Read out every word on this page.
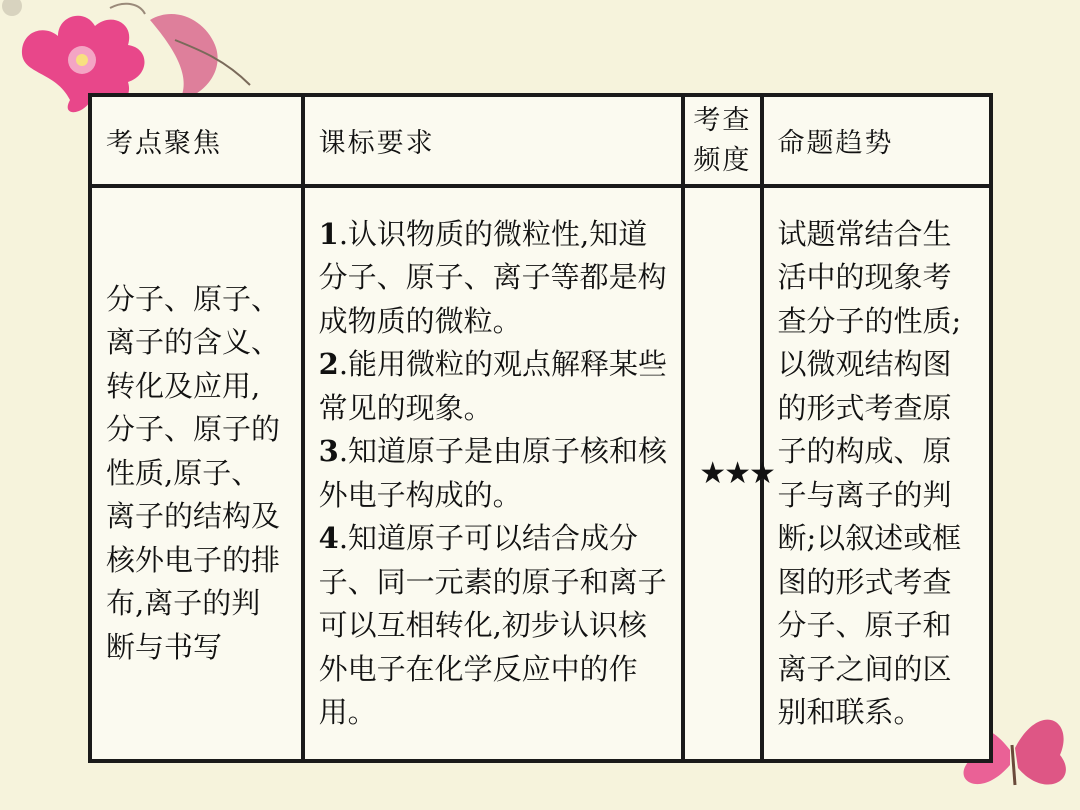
考点聚焦	课标要求	考查频度	命题趋势
分子、原子、离子的含义、转化及应用,分子、原子的性质,原子、离子的结构及核外电子的排布,离子的判断与书写	1.认识物质的微粒性,知道分子、原子、离子等都是构成物质的微粒。
2.能用微粒的观点解释某些常见的现象。
3.知道原子是由原子核和核外电子构成的。
4.知道原子可以结合成分子、同一元素的原子和离子可以互相转化,初步认识核外电子在化学反应中的作用。	★★★	试题常结合生活中的现象考查分子的性质;以微观结构图的形式考查原子的构成、原子与离子的判断;以叙述或框图的形式考查分子、原子和离子之间的区别和联系。
